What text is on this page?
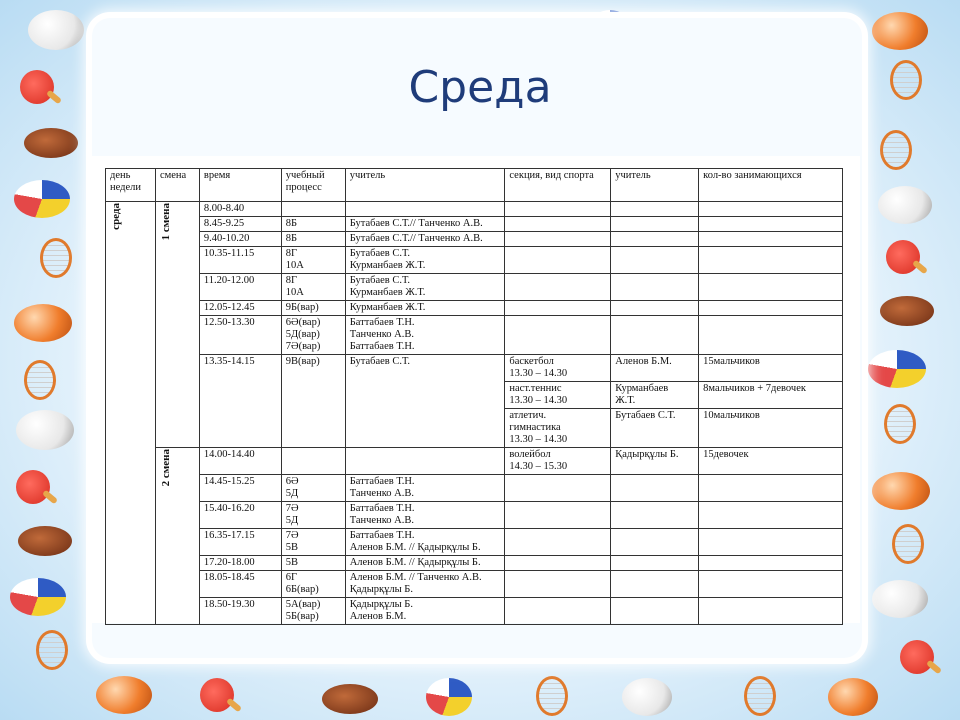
Среда
день недели	смена	время	учебный процесс	учитель	секция, вид спорта	учитель	кол-во занимающихся

среда	1 смена	8.00-8.40					
		8.45-9.25	8Б	Бутабаев С.Т.// Танченко А.В.			

		9.40-10.20	8Б	Бутабаев С.Т.// Танченко А.В.			

		10.35-11.15	8Г
10А	Бутабаев С.Т.
Курманбаев Ж.Т.			

		11.20-12.00	8Г
10А	Бутабаев С.Т.
Курманбаев Ж.Т.			

		12.05-12.45	9Б(вар)	Курманбаев Ж.Т.			

		12.50-13.30	6Ә(вар)
5Д(вар)
7Ә(вар)	Баттабаев Т.Н.
Танченко А.В.
Баттабаев Т.Н.			

		13.35-14.15	9В(вар)	Бутабаев С.Т.	баскетбол
13.30 – 14.30	Аленов Б.М.	15мальчиков

					наст.теннис
13.30 – 14.30	Курманбаев
Ж.Т.	8мальчиков + 7девочек

					атлетич.
гимнастика
13.30 – 14.30	Бутабаев С.Т.	10мальчиков

	2 смена	14.00-14.40			волейбол
14.30 – 15.30	Қадырқұлы Б.	15девочек

		14.45-15.25	6Ә
5Д	Баттабаев Т.Н.
Танченко А.В.			

		15.40-16.20	7Ә
5Д	Баттабаев Т.Н.
Танченко А.В.			

		16.35-17.15	7Ә
5В	Баттабаев Т.Н.
Аленов Б.М. // Қадырқұлы Б.			

		17.20-18.00	5В	Аленов Б.М. // Қадырқұлы Б.			

		18.05-18.45	6Г
6Б(вар)	Аленов Б.М. // Танченко А.В.
Қадырқұлы Б.			

		18.50-19.30	5А(вар)
5Б(вар)	Қадырқұлы Б.
Аленов Б.М.			
